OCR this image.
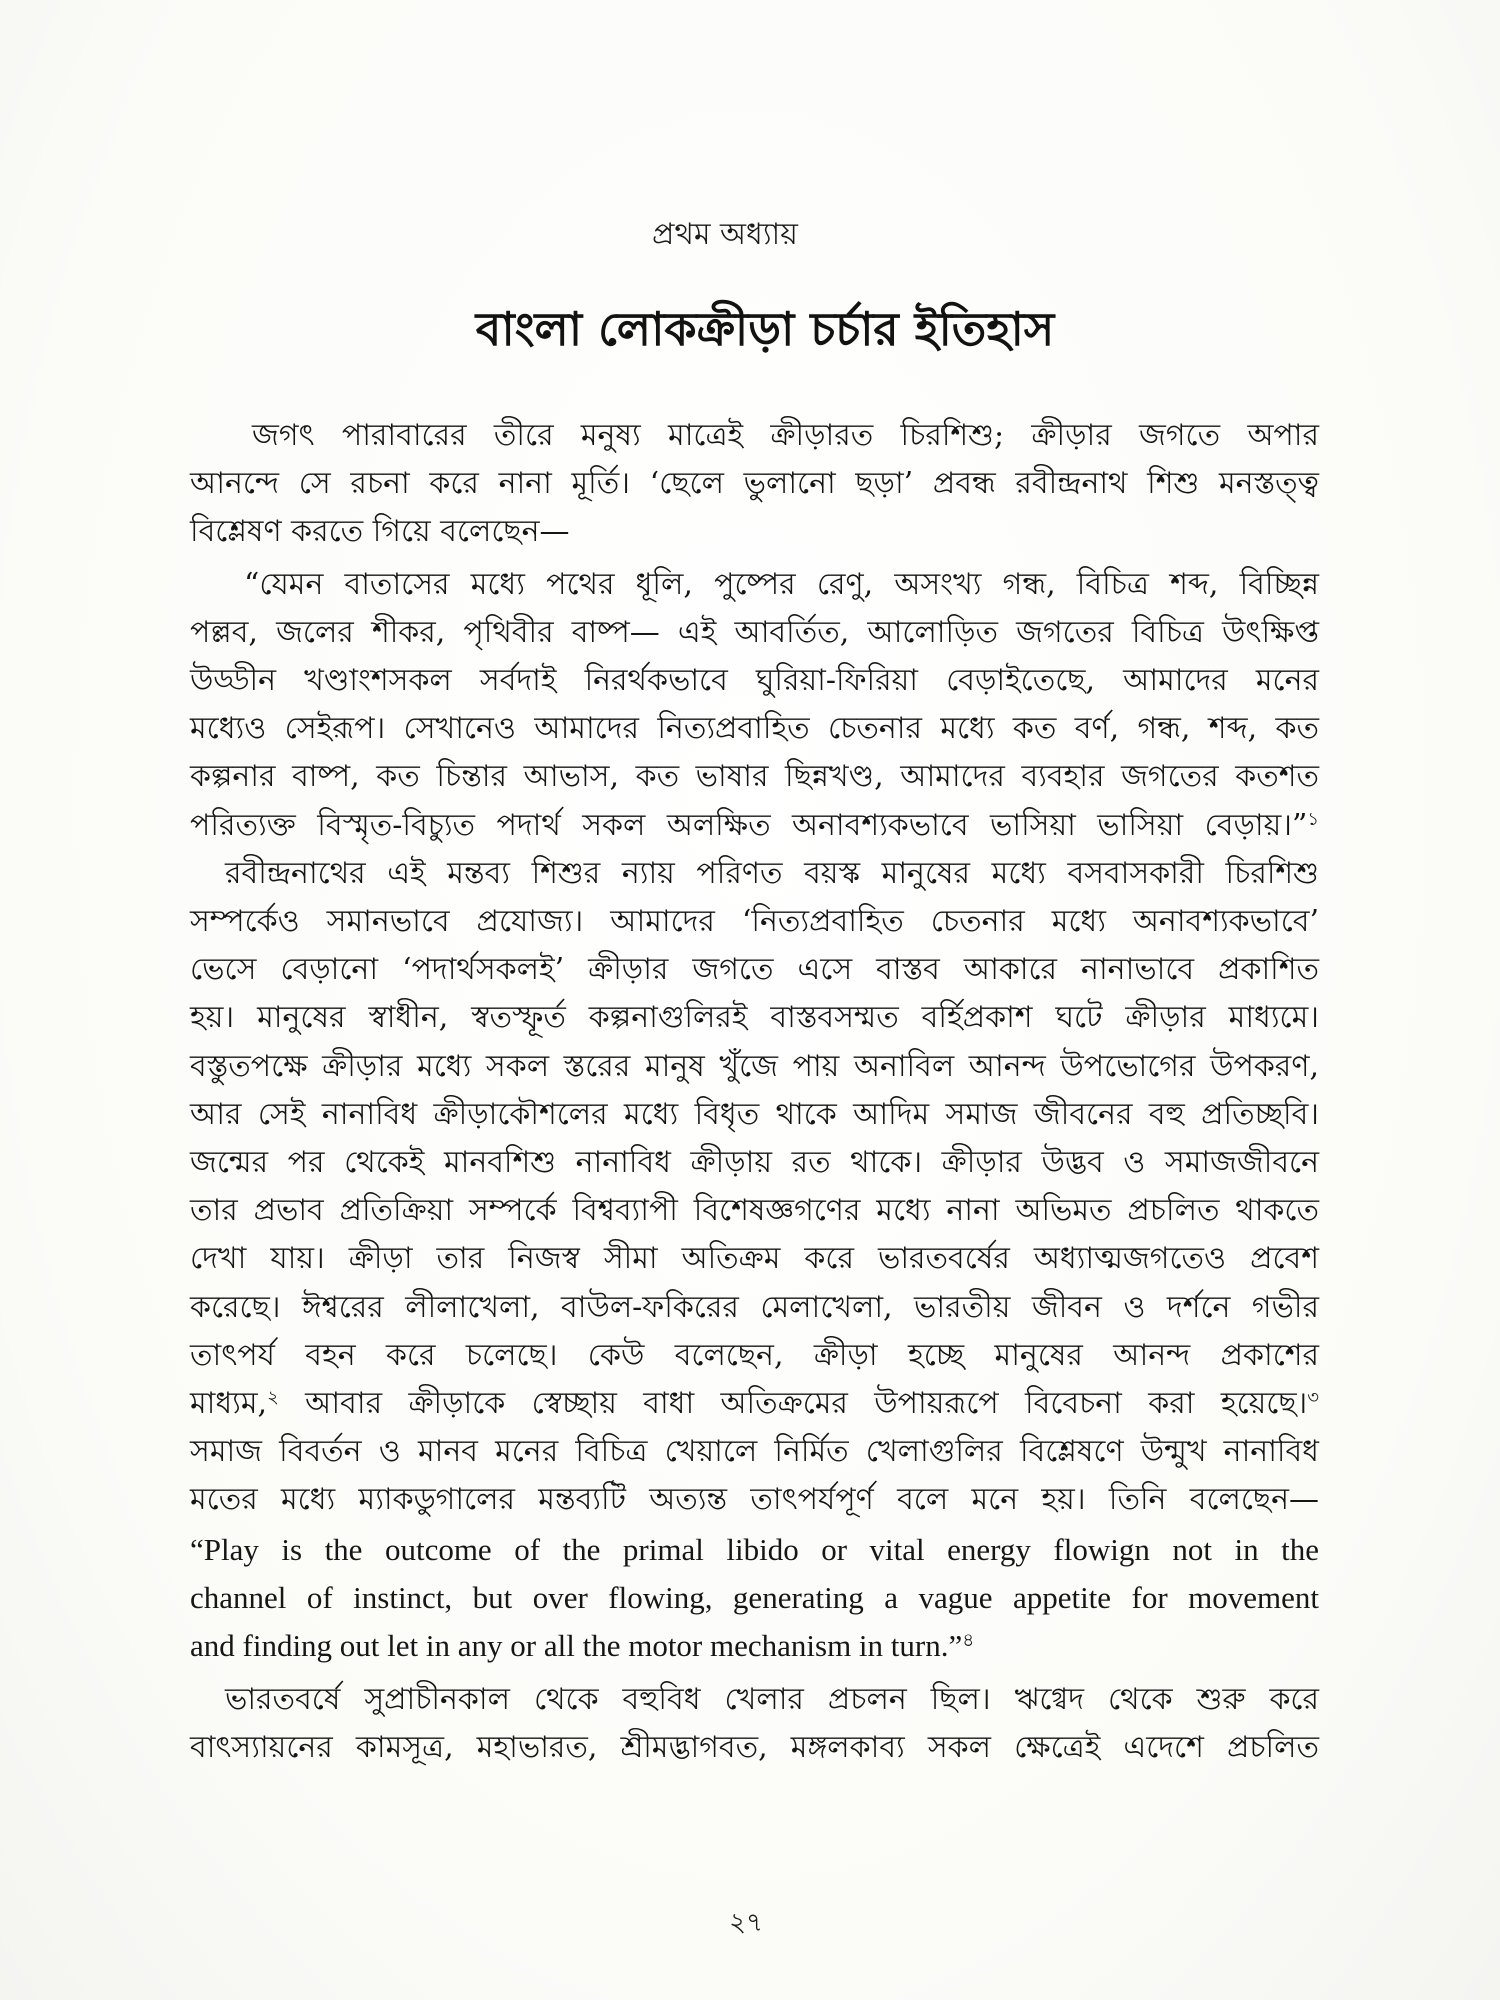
প্রথম অধ্যায়
বাংলা লোকক্রীড়া চর্চার ইতিহাস
জগৎ পারাবারের তীরে মনুষ্য মাত্রেই ক্রীড়ারত চিরশিশু; ক্রীড়ার জগতে অপার
আনন্দে সে রচনা করে নানা মূর্তি। ‘ছেলে ভুলানো ছড়া’ প্রবন্ধ রবীন্দ্রনাথ শিশু মনস্তত্ত্ব
বিশ্লেষণ করতে গিয়ে বলেছেন—
“যেমন বাতাসের মধ্যে পথের ধূলি, পুষ্পের রেণু, অসংখ্য গন্ধ, বিচিত্র শব্দ, বিচ্ছিন্ন
পল্লব, জলের শীকর, পৃথিবীর বাষ্প— এই আবর্তিত, আলোড়িত জগতের বিচিত্র উৎক্ষিপ্ত
উড্ডীন খণ্ডাংশসকল সর্বদাই নিরর্থকভাবে ঘুরিয়া-ফিরিয়া বেড়াইতেছে, আমাদের মনের
মধ্যেও সেইরূপ। সেখানেও আমাদের নিত্যপ্রবাহিত চেতনার মধ্যে কত বর্ণ, গন্ধ, শব্দ, কত
কল্পনার বাষ্প, কত চিন্তার আভাস, কত ভাষার ছিন্নখণ্ড, আমাদের ব্যবহার জগতের কতশত
পরিত্যক্ত বিস্মৃত-বিচ্যুত পদার্থ সকল অলক্ষিত অনাবশ্যকভাবে ভাসিয়া ভাসিয়া বেড়ায়।”$^১$
রবীন্দ্রনাথের এই মন্তব্য শিশুর ন্যায় পরিণত বয়স্ক মানুষের মধ্যে বসবাসকারী চিরশিশু
সম্পর্কেও সমানভাবে প্রযোজ্য। আমাদের ‘নিত্যপ্রবাহিত চেতনার মধ্যে অনাবশ্যকভাবে’
ভেসে বেড়ানো ‘পদার্থসকলই’ ক্রীড়ার জগতে এসে বাস্তব আকারে নানাভাবে প্রকাশিত
হয়। মানুষের স্বাধীন, স্বতস্ফূর্ত কল্পনাগুলিরই বাস্তবসম্মত বর্হিপ্রকাশ ঘটে ক্রীড়ার মাধ্যমে।
বস্তুতপক্ষে ক্রীড়ার মধ্যে সকল স্তরের মানুষ খুঁজে পায় অনাবিল আনন্দ উপভোগের উপকরণ,
আর সেই নানাবিধ ক্রীড়াকৌশলের মধ্যে বিধৃত থাকে আদিম সমাজ জীবনের বহু প্রতিচ্ছবি।
জন্মের পর থেকেই মানবশিশু নানাবিধ ক্রীড়ায় রত থাকে। ক্রীড়ার উদ্ভব ও সমাজজীবনে
তার প্রভাব প্রতিক্রিয়া সম্পর্কে বিশ্বব্যাপী বিশেষজ্ঞগণের মধ্যে নানা অভিমত প্রচলিত থাকতে
দেখা যায়। ক্রীড়া তার নিজস্ব সীমা অতিক্রম করে ভারতবর্ষের অধ্যাত্মজগতেও প্রবেশ
করেছে। ঈশ্বরের লীলাখেলা, বাউল-ফকিরের মেলাখেলা, ভারতীয় জীবন ও দর্শনে গভীর
তাৎপর্য বহন করে চলেছে। কেউ বলেছেন, ক্রীড়া হচ্ছে মানুষের আনন্দ প্রকাশের
মাধ্যম,$^২$ আবার ক্রীড়াকে স্বেচ্ছায় বাধা অতিক্রমের উপায়রূপে বিবেচনা করা হয়েছে।$^৩$
সমাজ বিবর্তন ও মানব মনের বিচিত্র খেয়ালে নির্মিত খেলাগুলির বিশ্লেষণে উন্মুখ নানাবিধ
মতের মধ্যে ম্যাকডুগালের মন্তব্যটি অত্যন্ত তাৎপর্যপূর্ণ বলে মনে হয়। তিনি বলেছেন—
“Play is the outcome of the primal libido or vital energy flowign not in the
channel of instinct, but over flowing, generating a vague appetite for movement
and finding out let in any or all the motor mechanism in turn.”$^৪$
ভারতবর্ষে সুপ্রাচীনকাল থেকে বহুবিধ খেলার প্রচলন ছিল। ঋগ্বেদ থেকে শুরু করে
বাৎস্যায়নের কামসূত্র, মহাভারত, শ্রীমদ্ভাগবত, মঙ্গলকাব্য সকল ক্ষেত্রেই এদেশে প্রচলিত
২৭
